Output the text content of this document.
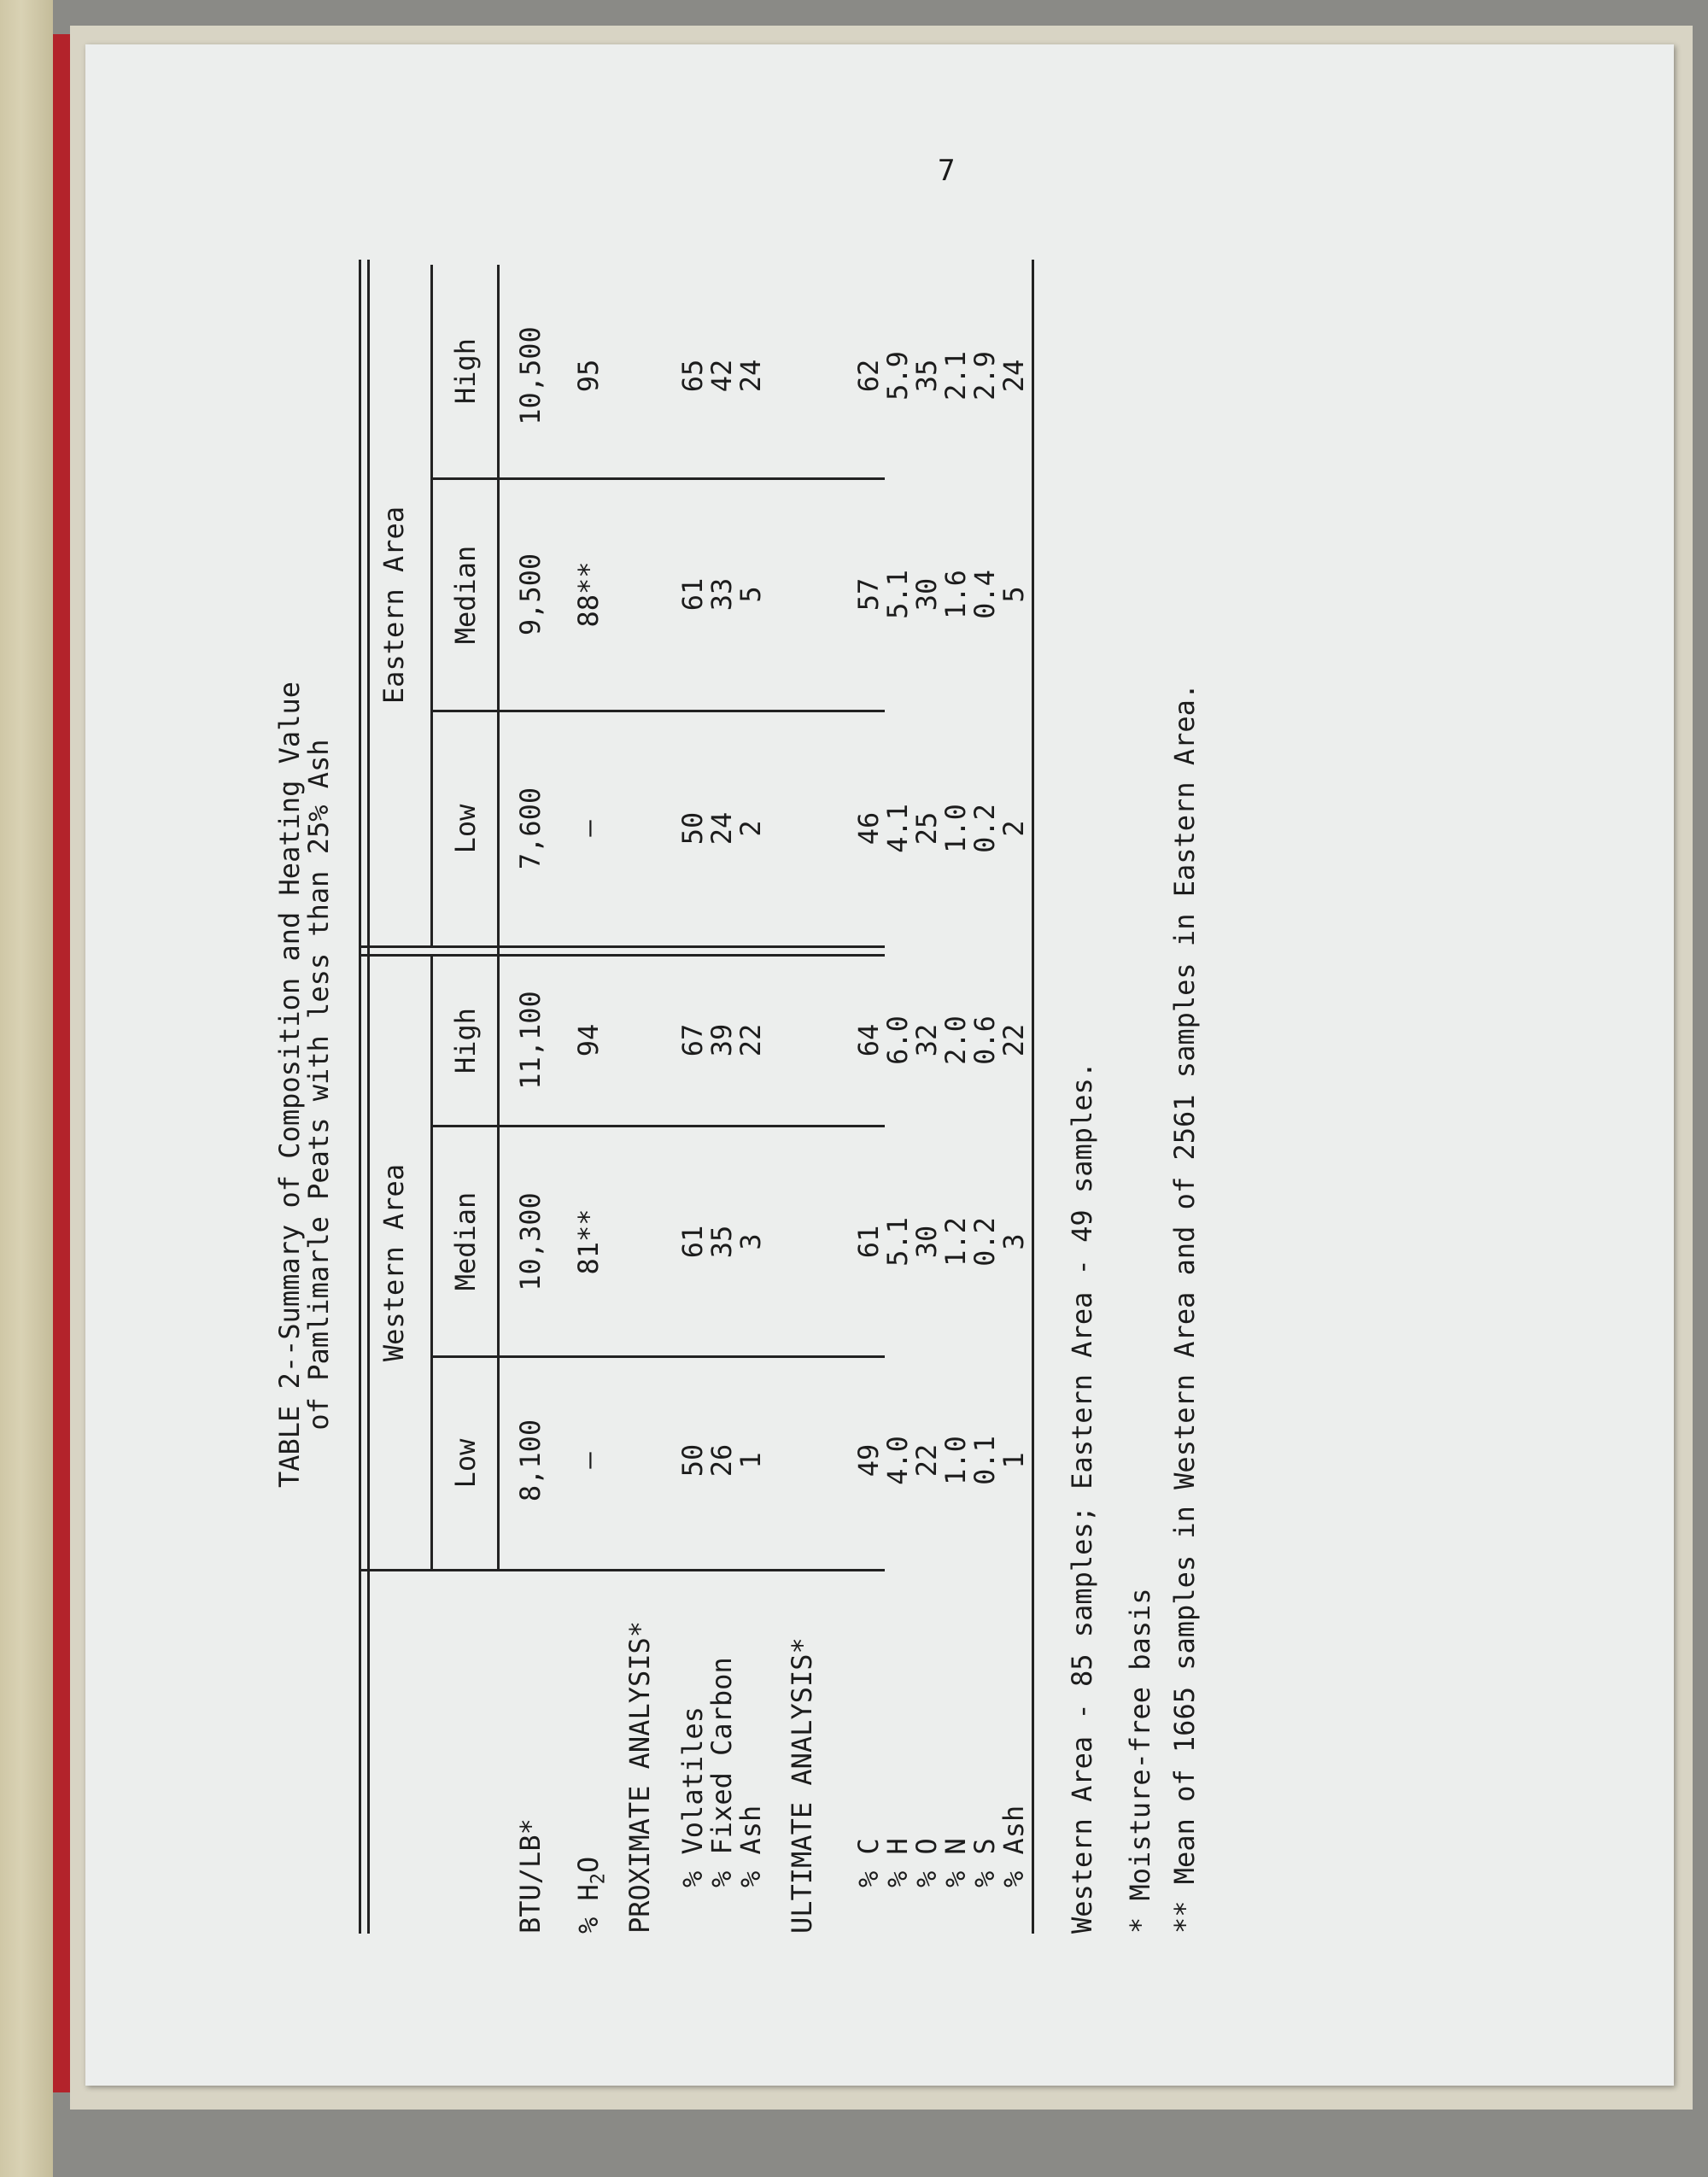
7
TABLE 2--Summary of Composition and Heating Value
of Pamlimarle Peats with less than 25% Ash Western Area
Eastern Area
Low
Median
High
Low
Median
High
BTU/LB* % $H_2O$ PROXIMATE ANALYSIS* % Volatiles
% Fixed Carbon
% Ash ULTIMATE ANALYSIS* % C
% H
% O
% N
% S
% Ash
8,100
10,300
11,100
7,600
9,500
10,500
—
81**
94
—
88**
95
50
61
67
50
61
65
26
35
39
24
33
42
1
3
22
2
5
24
49
61
64
46
57
62
4.0
5.1
6.0
4.1
5.1
5.9
22
30
32
25
30
35
1.0
1.2
2.0
1.0
1.6
2.1
0.1
0.2
0.6
0.2
0.4
2.9
1
3
22
2
5
24
Western Area - 85 samples; Eastern Area - 49 samples. * Moisture-free basis ** Mean of 1665 samples in Western Area and of 2561 samples in Eastern Area.
